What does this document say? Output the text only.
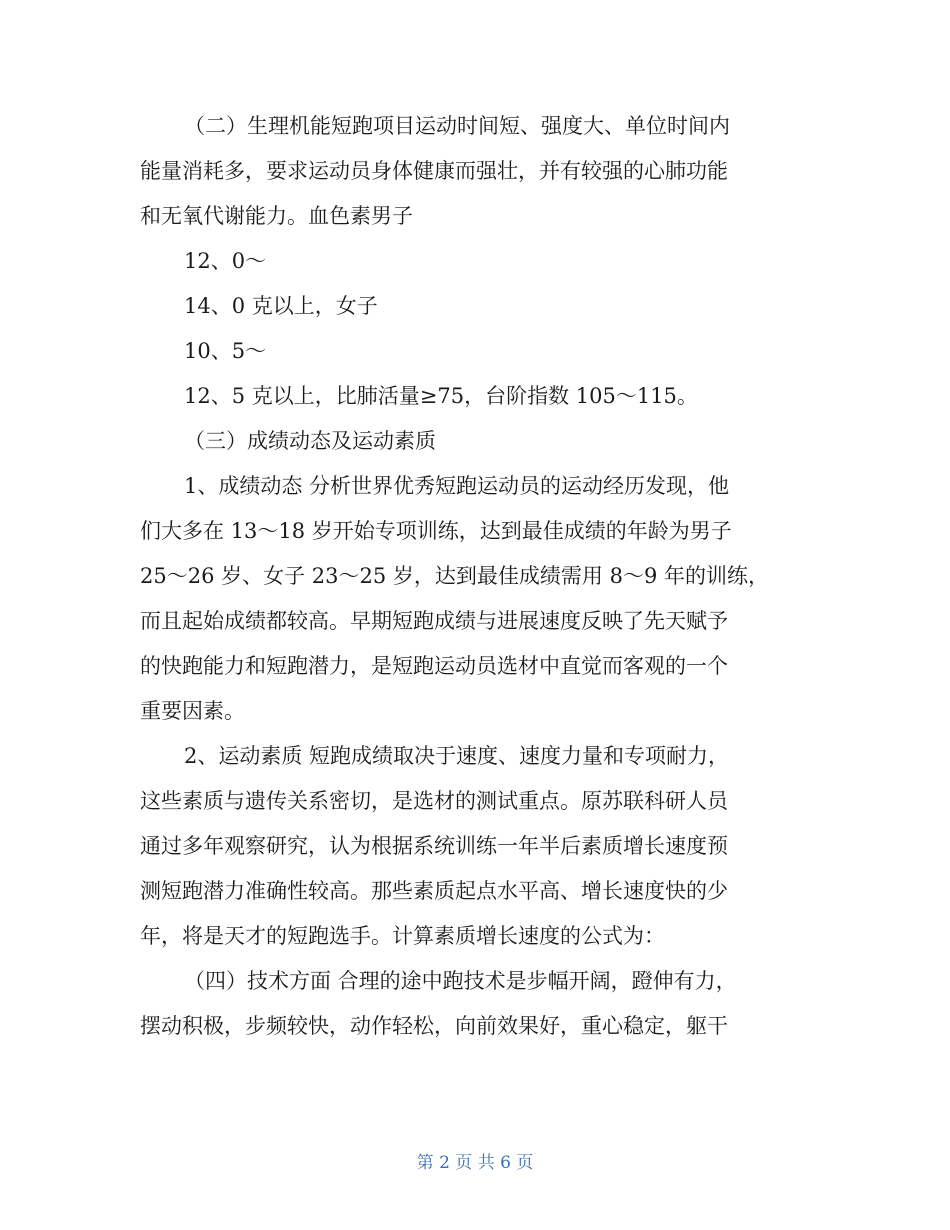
（二）生理机能短跑项目运动时间短、强度大、单位时间内
能量消耗多，要求运动员身体健康而强壮，并有较强的心肺功能
和无氧代谢能力。血色素男子
12、0～
14、0 克以上，女子
10、5～
12、5 克以上，比肺活量≥75，台阶指数 105～115。
（三）成绩动态及运动素质
1、成绩动态 分析世界优秀短跑运动员的运动经历发现，他
们大多在 13～18 岁开始专项训练，达到最佳成绩的年龄为男子
25～26 岁、女子 23～25 岁，达到最佳成绩需用 8～9 年的训练，
而且起始成绩都较高。早期短跑成绩与进展速度反映了先天赋予
的快跑能力和短跑潜力，是短跑运动员选材中直觉而客观的一个
重要因素。
2、运动素质 短跑成绩取决于速度、速度力量和专项耐力，
这些素质与遗传关系密切，是选材的测试重点。原苏联科研人员
通过多年观察研究，认为根据系统训练一年半后素质增长速度预
测短跑潜力准确性较高。那些素质起点水平高、增长速度快的少
年，将是天才的短跑选手。计算素质增长速度的公式为：
（四）技术方面 合理的途中跑技术是步幅开阔，蹬伸有力，
摆动积极，步频较快，动作轻松，向前效果好，重心稳定，躯干
第 2 页 共 6 页
